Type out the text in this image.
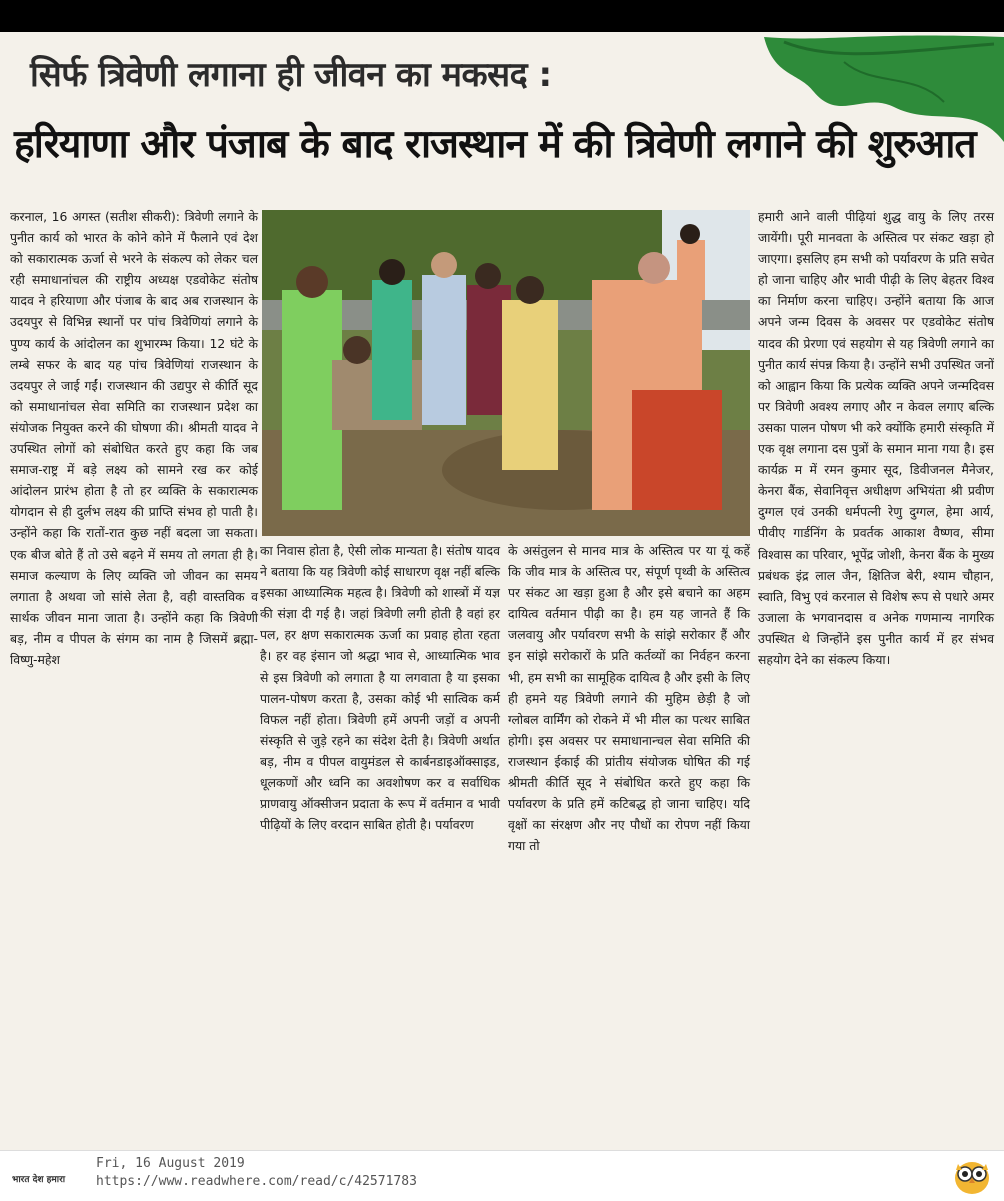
सिर्फ त्रिवेणी लगाना ही जीवन का मकसद :
हरियाणा और पंजाब के बाद राजस्थान में की त्रिवेणी लगाने की शुरुआत
करनाल, 16 अगस्त (सतीश सीकरी): त्रिवेणी लगाने के पुनीत कार्य को भारत के कोने कोने में फैलाने एवं देश को सकारात्मक ऊर्जा से भरने के संकल्प को लेकर चल रही समाधानांचल की राष्ट्रीय अध्यक्ष एडवोकेट संतोष यादव ने हरियाणा और पंजाब के बाद अब राजस्थान के उदयपुर से विभिन्न स्थानों पर पांच त्रिवेणियां लगाने के पुण्य कार्य के आंदोलन का शुभारम्भ किया। 12 घंटे के लम्बे सफर के बाद यह पांच त्रिवेणियां राजस्थान के उदयपुर ले जाई गईं। राजस्थान की उद्यपुर से कीर्ति सूद को समाधानांचल सेवा समिति का राजस्थान प्रदेश का संयोजक नियुक्त करने की घोषणा की। श्रीमती यादव ने उपस्थित लोगों को संबोधित करते हुए कहा कि जब समाज-राष्ट्र में बड़े लक्ष्य को सामने रख कर कोई आंदोलन प्रारंभ होता है तो हर व्यक्ति के सकारात्मक योगदान से ही दुर्लभ लक्ष्य की प्राप्ति संभव हो पाती है। उन्होंने कहा कि रातों-रात कुछ नहीं बदला जा सकता। एक बीज बोते हैं तो उसे बढ़ने में समय तो लगता ही है। समाज कल्याण के लिए व्यक्ति जो जीवन का समय लगाता है अथवा जो सांसे लेता है, वही वास्तविक व सार्थक जीवन माना जाता है। उन्होंने कहा कि त्रिवेणी बड़, नीम व पीपल के संगम का नाम है जिसमें ब्रह्मा-विष्णु-महेश
का निवास होता है, ऐसी लोक मान्यता है। संतोष यादव ने बताया कि यह त्रिवेणी कोई साधारण वृक्ष नहीं बल्कि इसका आध्यात्मिक महत्व है। त्रिवेणी को शास्त्रों में यज्ञ की संज्ञा दी गई है। जहां त्रिवेणी लगी होती है वहां हर पल, हर क्षण सकारात्मक ऊर्जा का प्रवाह होता रहता है। हर वह इंसान जो श्रद्धा भाव से, आध्यात्मिक भाव से इस त्रिवेणी को लगाता है या लगवाता है या इसका पालन-पोषण करता है, उसका कोई भी सात्विक कर्म विफल नहीं होता। त्रिवेणी हमें अपनी जड़ों व अपनी संस्कृति से जुड़े रहने का संदेश देती है। त्रिवेणी अर्थात बड़, नीम व पीपल वायुमंडल से कार्बनडाइऑक्साइड, धूलकणों और ध्वनि का अवशोषण कर व सर्वाधिक प्राणवायु ऑक्सीजन प्रदाता के रूप में वर्तमान व भावी पीढ़ियों के लिए वरदान साबित होती है। पर्यावरण
के असंतुलन से मानव मात्र के अस्तित्व पर या यूं कहें कि जीव मात्र के अस्तित्व पर, संपूर्ण पृथ्वी के अस्तित्व पर संकट आ खड़ा हुआ है और इसे बचाने का अहम दायित्व वर्तमान पीढ़ी का है। हम यह जानते हैं कि जलवायु और पर्यावरण सभी के सांझे सरोकार हैं और इन सांझे सरोकारों के प्रति कर्तव्यों का निर्वहन करना भी, हम सभी का सामूहिक दायित्व है और इसी के लिए ही हमने यह त्रिवेणी लगाने की मुहिम छेड़ी है जो ग्लोबल वार्मिंग को रोकने में भी मील का पत्थर साबित होगी। इस अवसर पर समाधानान्चल सेवा समिति की राजस्थान ईकाई की प्रांतीय संयोजक घोषित की गई श्रीमती कीर्ति सूद ने संबोधित करते हुए कहा कि पर्यावरण के प्रति हमें कटिबद्ध हो जाना चाहिए। यदि वृक्षों का संरक्षण और नए पौधों का रोपण नहीं किया गया तो
हमारी आने वाली पीढ़ियां शुद्ध वायु के लिए तरस जायेंगी। पूरी मानवता के अस्तित्व पर संकट खड़ा हो जाएगा। इसलिए हम सभी को पर्यावरण के प्रति सचेत हो जाना चाहिए और भावी पीढ़ी के लिए बेहतर विश्व का निर्माण करना चाहिए। उन्होंने बताया कि आज अपने जन्म दिवस के अवसर पर एडवोकेट संतोष यादव की प्रेरणा एवं सहयोग से यह त्रिवेणी लगाने का पुनीत कार्य संपन्न किया है। उन्होंने सभी उपस्थित जनों को आह्वान किया कि प्रत्येक व्यक्ति अपने जन्मदिवस पर त्रिवेणी अवश्य लगाए और न केवल लगाए बल्कि उसका पालन पोषण भी करे क्योंकि हमारी संस्कृति में एक वृक्ष लगाना दस पुत्रों के समान माना गया है। इस कार्यक्र म में रमन कुमार सूद, डिवीजनल मैनेजर, केनरा बैंक, सेवानिवृत्त अधीक्षण अभियंता श्री प्रवीण दुग्गल एवं उनकी धर्मपत्नी रेणु दुग्गल, हेमा आर्य, पीवीए गार्डनिंग के प्रवर्तक आकाश वैष्णव, सीमा विश्वास का परिवार, भूपेंद्र जोशी, केनरा बैंक के मुख्य प्रबंधक इंद्र लाल जैन, क्षितिज बेरी, श्याम चौहान, स्वाति, विभु एवं करनाल से विशेष रूप से पधारे अमर उजाला के भगवानदास व अनेक गणमान्य नागरिक उपस्थित थे जिन्होंने इस पुनीत कार्य में हर संभव सहयोग देने का संकल्प किया।
भारत देश हमारा
Fri, 16 August 2019
https://www.readwhere.com/read/c/42571783
